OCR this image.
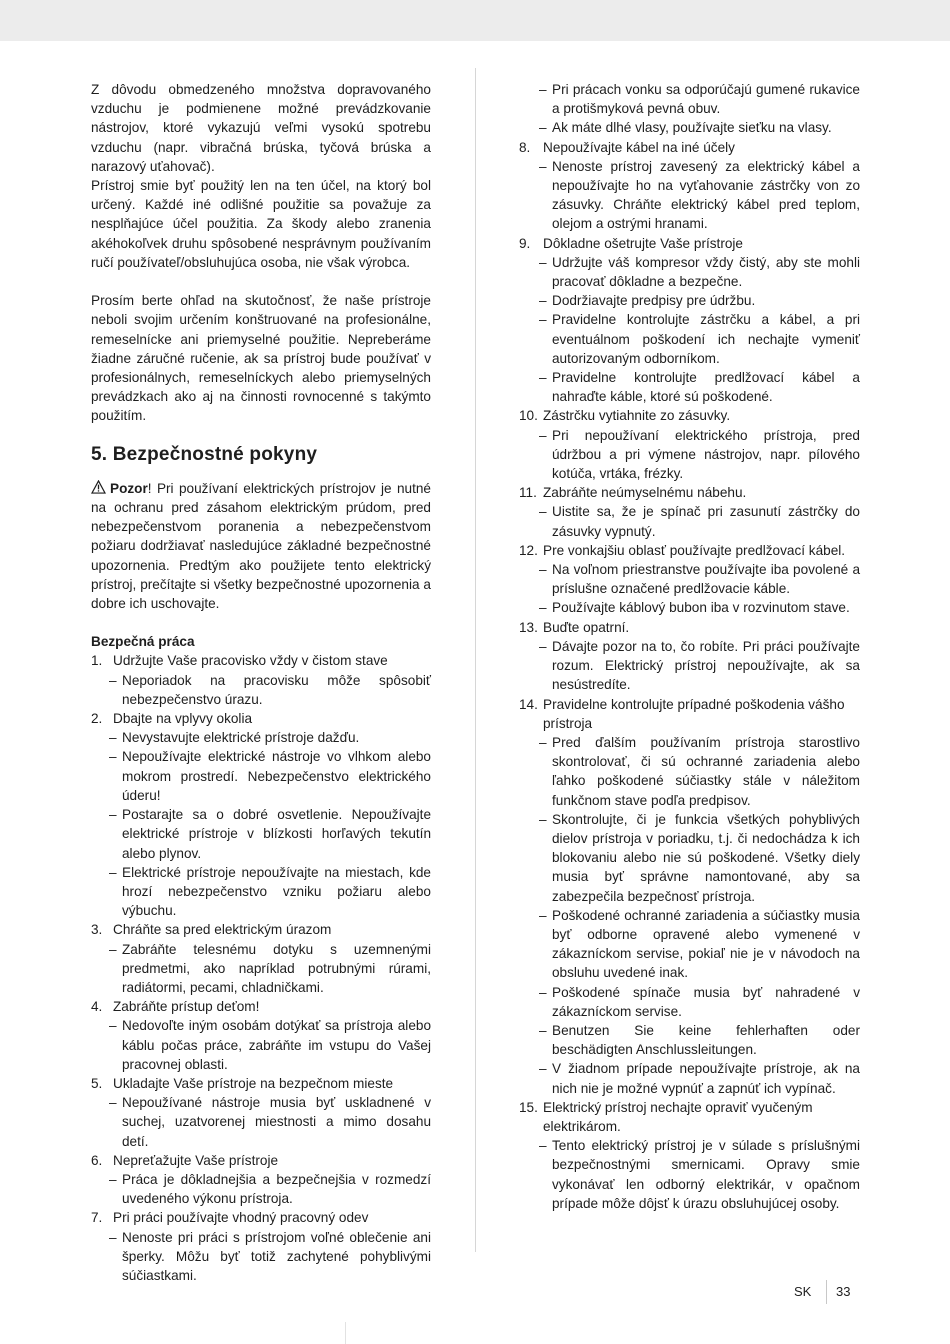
Z dôvodu obmedzeného množstva dopravovaného vzduchu je podmienene možné prevádzkovanie nástrojov, ktoré vykazujú veľmi vysokú spotrebu vzduchu (napr. vibračná brúska, tyčová brúska a narazový uťahovač).

Prístroj smie byť použitý len na ten účel, na ktorý bol určený. Každé iné odlišné použitie sa považuje za nesplňajúce účel použitia. Za škody alebo zranenia akéhokoľvek druhu spôsobené nesprávnym používaním ručí používateľ/obsluhujúca osoba, nie však výrobca.

Prosím berte ohľad na skutočnosť, že naše prístroje neboli svojim určením konštruované na profesionálne, remeselnícke ani priemyselné použitie. Nepreberáme žiadne záručné ručenie, ak sa prístroj bude používať v profesionálnych, remeselníckych alebo priemyselných prevádzkach ako aj na činnosti rovnocenné s takýmto použitím.

5. Bezpečnostné pokyny

Pozor! Pri používaní elektrických prístrojov je nutné na ochranu pred zásahom elektrickým prúdom, pred nebezpečenstvom poranenia a nebezpečenstvom požiaru dodržiavať nasledujúce základné bezpečnostné upozornenia. Predtým ako použijete tento elektrický prístroj, prečítajte si všetky bezpečnostné upozornenia a dobre ich uschovajte.

Bezpečná práca
1. Udržujte Vaše pracovisko vždy v čistom stave
– Neporiadok na pracovisku môže spôsobiť nebezpečenstvo úrazu.
2. Dbajte na vplyvy okolia
– Nevystavujte elektrické prístroje dažďu.
– Nepoužívajte elektrické nástroje vo vlhkom alebo mokrom prostredí. Nebezpečenstvo elektrického úderu!
– Postarajte sa o dobré osvetlenie. Nepoužívajte elektrické prístroje v blízkosti horľavých tekutín alebo plynov.
– Elektrické prístroje nepoužívajte na miestach, kde hrozí nebezpečenstvo vzniku požiaru alebo výbuchu.
3. Chráňte sa pred elektrickým úrazom
– Zabráňte telesnému dotyku s uzemnenými predmetmi, ako napríklad potrubnými rúrami, radiátormi, pecami, chladničkami.
4. Zabráňte prístup deťom!
– Nedovoľte iným osobám dotýkať sa prístroja alebo káblu počas práce, zabráňte im vstupu do Vašej pracovnej oblasti.
5. Ukladajte Vaše prístroje na bezpečnom mieste
– Nepoužívané nástroje musia byť uskladnené v suchej, uzatvorenej miestnosti a mimo dosahu detí.
6. Nepreťažujte Vaše prístroje
– Práca je dôkladnejšia a bezpečnejšia v rozmedzí uvedeného výkonu prístroja.
7. Pri práci používajte vhodný pracovný odev
– Nenoste pri práci s prístrojom voľné oblečenie ani šperky. Môžu byť totiž zachytené pohyblivými súčiastkami.
– Pri prácach vonku sa odporúčajú gumené rukavice a protišmyková pevná obuv.
– Ak máte dlhé vlasy, používajte sieťku na vlasy.
8. Nepoužívajte kábel na iné účely
– Nenoste prístroj zavesený za elektrický kábel a nepoužívajte ho na vyťahovanie zástrčky von zo zásuvky. Chráňte elektrický kábel pred teplom, olejom a ostrými hranami.
9. Dôkladne ošetrujte Vaše prístroje
– Udržujte váš kompresor vždy čistý, aby ste mohli pracovať dôkladne a bezpečne.
– Dodržiavajte predpisy pre údržbu.
– Pravidelne kontrolujte zástrčku a kábel, a pri eventuálnom poškodení ich nechajte vymeniť autorizovaným odborníkom.
– Pravidelne kontrolujte predlžovací kábel a nahraďte káble, ktoré sú poškodené.
10. Zástrčku vytiahnite zo zásuvky.
– Pri nepoužívaní elektrického prístroja, pred údržbou a pri výmene nástrojov, napr. pílového kotúča, vrtáka, frézky.
11. Zabráňte neúmyselnému nábehu.
– Uistite sa, že je spínač pri zasunutí zástrčky do zásuvky vypnutý.
12. Pre vonkajšiu oblasť používajte predlžovací kábel.
– Na voľnom priestranstve používajte iba povolené a príslušne označené predlžovacie káble.
– Používajte káblový bubon iba v rozvinutom stave.
13. Buďte opatrní.
– Dávajte pozor na to, čo robíte. Pri práci používajte rozum. Elektrický prístroj nepoužívajte, ak sa nesústredíte.
14. Pravidelne kontrolujte prípadné poškodenia vášho prístroja
– Pred ďalším používaním prístroja starostlivo skontrolovať, či sú ochranné zariadenia alebo ľahko poškodené súčiastky stále v náležitom funkčnom stave podľa predpisov.
– Skontrolujte, či je funkcia všetkých pohyblivých dielov prístroja v poriadku, t.j. či nedochádza k ich blokovaniu alebo nie sú poškodené. Všetky diely musia byť správne namontované, aby sa zabezpečila bezpečnosť prístroja.
– Poškodené ochranné zariadenia a súčiastky musia byť odborne opravené alebo vymenené v zákazníckom servise, pokiaľ nie je v návodoch na obsluhu uvedené inak.
– Poškodené spínače musia byť nahradené v zákazníckom servise.
– Benutzen Sie keine fehlerhaften oder beschädigten Anschlussleitungen.
– V žiadnom prípade nepoužívajte prístroje, ak na nich nie je možné vypnúť a zapnúť ich vypínač.
15. Elektrický prístroj nechajte opraviť vyučeným elektrikárom.
– Tento elektrický prístroj je v súlade s príslušnými bezpečnostnými smernicami. Opravy smie vykonávať len odborný elektrikár, v opačnom prípade môže dôjsť k úrazu obsluhujúcej osoby.
SK 33
